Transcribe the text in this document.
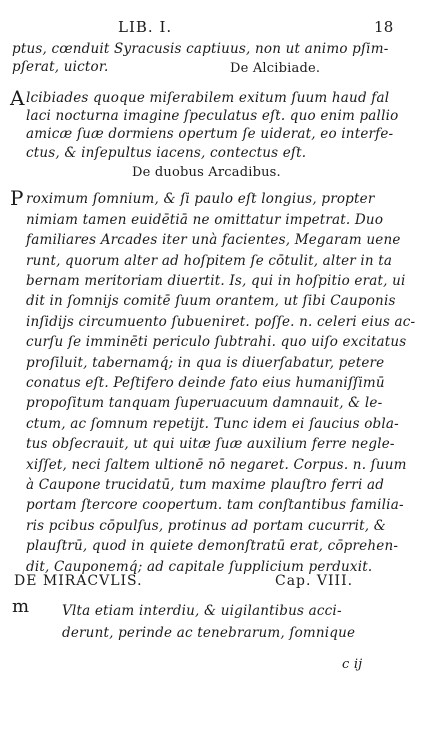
LIB. I.	18
ptus, cœnduit Syracusis captiuus, non ut animo pſim-
pſerat, uictor.	De Alcibiade.
A lcibiades quoque miſerabilem exitum ſuum haud fal
laci nocturna imagine ſpeculatus eſt. quo enim pallio
amicæ ſuæ dormiens opertum ſe uiderat, eo interfe-
ctus, & inſepultus iacens, contectus eſt.
De duobus Arcadibus.
P roximum ſomnium, & ſi paulo eſt longius, propter
nimiam tamen euidētiā ne omittatur impetrat. Duo
familiares Arcades iter unà facientes, Megaram uene
runt, quorum alter ad hoſpitem ſe cōtulit, alter in ta
bernam meritoriam diuertit. Is, qui in hoſpitio erat, ui
dit in ſomnijs comitē ſuum orantem, ut ſibi Cauponis
inſidijs circumuento ſubueniret. poſſe. n. celeri eius ac-
curſu ſe imminēti periculo ſubtrahi. quo uiſo excitatus
proſiluit, tabernamq́; in qua is diuerſabatur, petere
conatus eſt. Peſtifero deinde fato eius humaniſſimū
propoſitum tanquam ſuperuacuum damnauit, & le-
ctum, ac ſomnum repetijt. Tunc idem ei ſaucius obla-
tus obſecrauit, ut qui uitæ ſuæ auxilium ferre negle-
xiſſet, neci ſaltem ultionē nō negaret. Corpus. n. ſuum
à Caupone trucidatū, tum maxime plauſtro ferri ad
portam ſtercore coopertum. tam conſtantibus familia-
ris pcibus cōpulſus, protinus ad portam cucurrit, &
plauſtrū, quod in quiete demonſtratū erat, cōprehen-
dit, Cauponemq́; ad capitale ſupplicium perduxit.
DE MIRACVLIS.	Cap. VIII.
m Vlta etiam interdiu, & uigilantibus acci-
derunt, perinde ac tenebrarum, ſomnique
c ij
